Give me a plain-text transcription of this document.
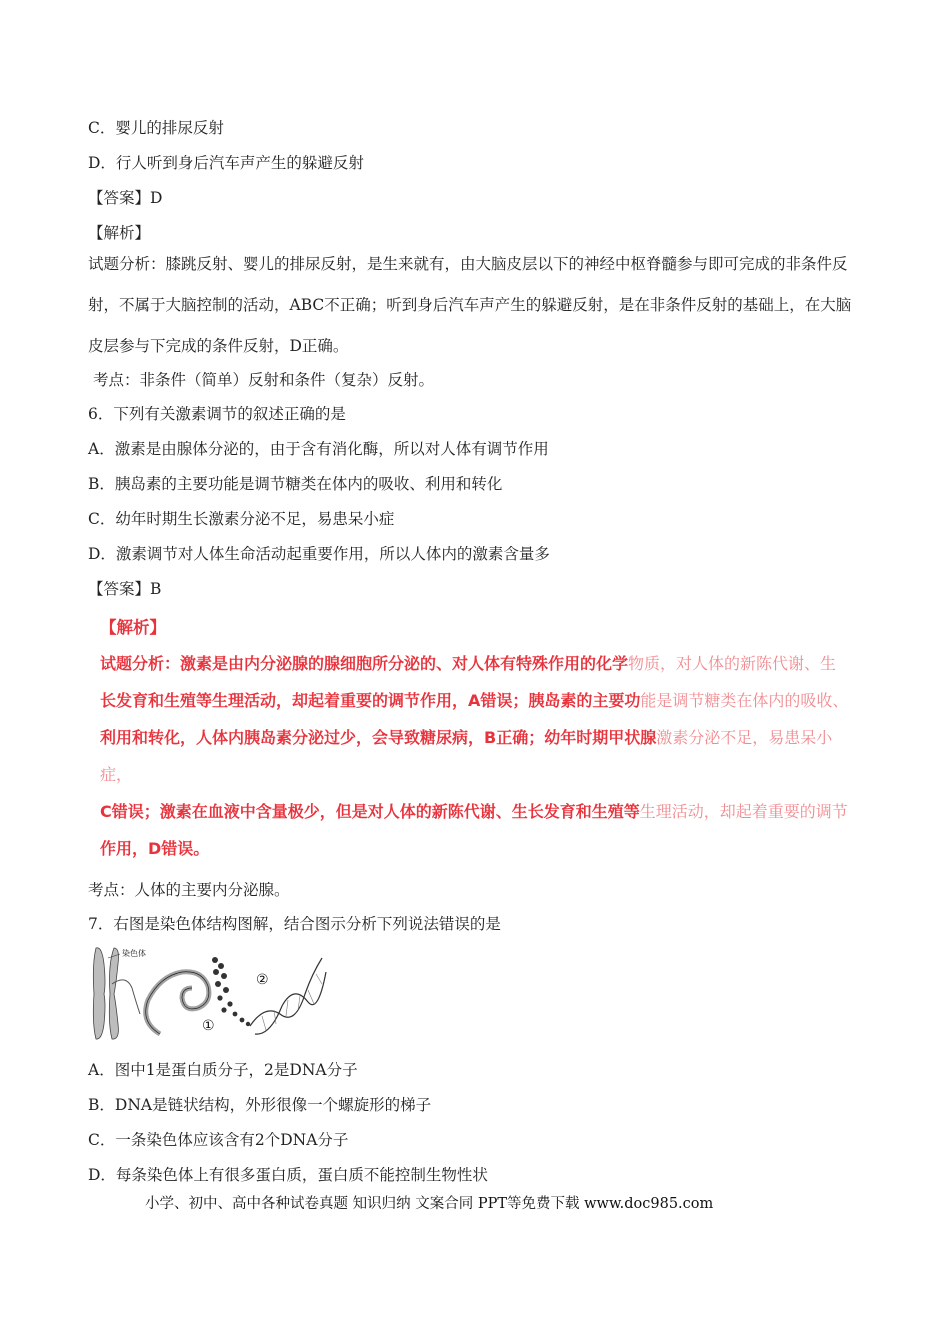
C．婴儿的排尿反射
D．行人听到身后汽车声产生的躲避反射
【答案】D
【解析】
试题分析：膝跳反射、婴儿的排尿反射，是生来就有，由大脑皮层以下的神经中枢脊髓参与即可完成的非条件反射，不属于大脑控制的活动，ABC不正确；听到身后汽车声产生的躲避反射，是在非条件反射的基础上，在大脑皮层参与下完成的条件反射，D正确。
考点：非条件（简单）反射和条件（复杂）反射。
6．下列有关激素调节的叙述正确的是
A．激素是由腺体分泌的，由于含有消化酶，所以对人体有调节作用
B．胰岛素的主要功能是调节糖类在体内的吸收、利用和转化
C．幼年时期生长激素分泌不足，易患呆小症
D．激素调节对人体生命活动起重要作用，所以人体内的激素含量多
【答案】B
【解析】
试题分析：激素是由内分泌腺的腺细胞所分泌的、对人体有特殊作用的化学物质，对人体的新陈代谢、生
长发育和生殖等生理活动，却起着重要的调节作用，A错误；胰岛素的主要功能是调节糖类在体内的吸收、
利用和转化，人体内胰岛素分泌过少，会导致糖尿病，B正确；幼年时期甲状腺激素分泌不足，易患呆小症，
C错误；激素在血液中含量极少，但是对人体的新陈代谢、生长发育和生殖等生理活动，却起着重要的调节
作用，D错误。
考点：人体的主要内分泌腺。
7．右图是染色体结构图解，结合图示分析下列说法错误的是
染色体
①
②
A．图中1是蛋白质分子，2是DNA分子
B．DNA是链状结构，外形很像一个螺旋形的梯子
C．一条染色体应该含有2个DNA分子
D．每条染色体上有很多蛋白质，蛋白质不能控制生物性状
小学、初中、高中各种试卷真题 知识归纳 文案合同 PPT等免费下载 www.doc985.com
